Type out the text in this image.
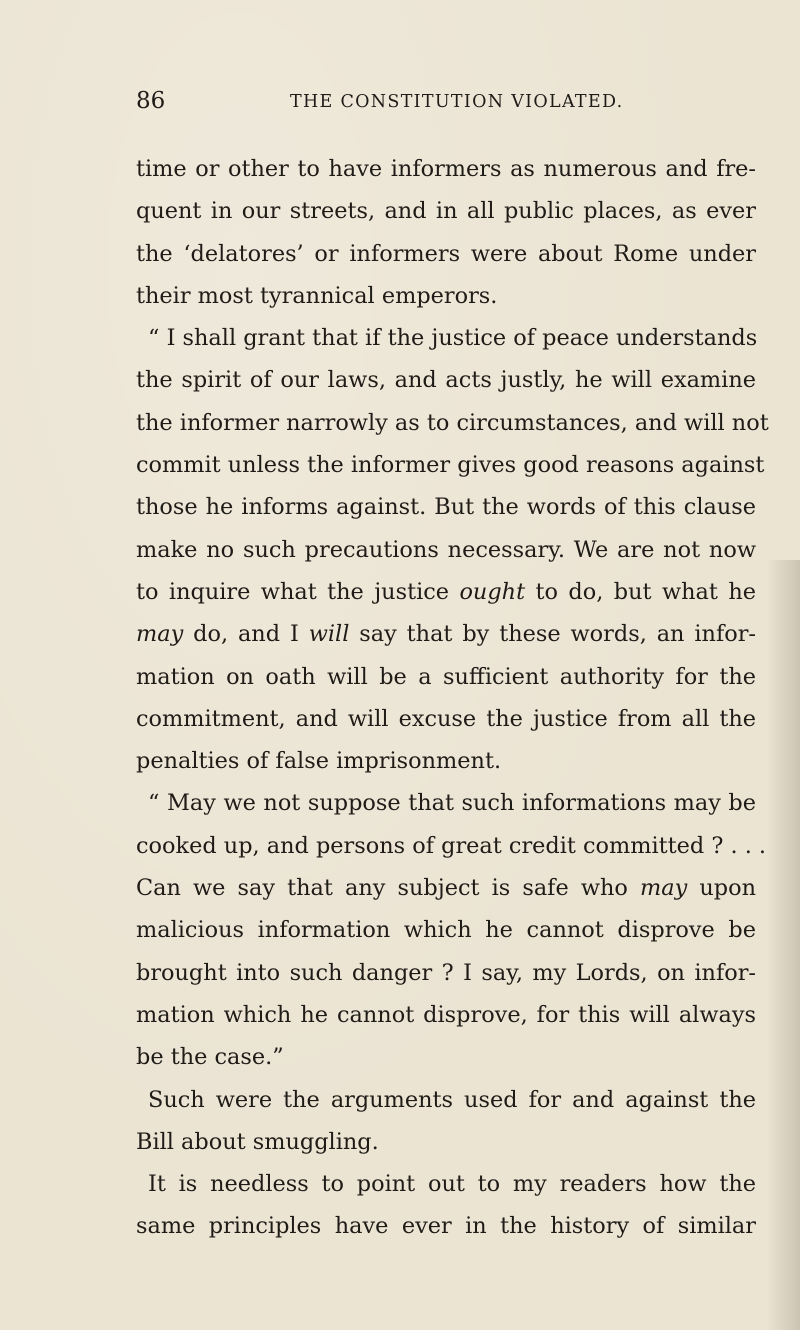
86	THE CONSTITUTION VIOLATED.
time or other to have informers as numerous and fre-
quent in our streets, and in all public places, as ever
the ‘delatores’ or informers were about Rome under
their most tyrannical emperors.
“ I shall grant that if the justice of peace understands
the spirit of our laws, and acts justly, he will examine
the informer narrowly as to circumstances, and will not
commit unless the informer gives good reasons against
those he informs against. But the words of this clause
make no such precautions necessary. We are not now
to inquire what the justice ought to do, but what he
may do, and I will say that by these words, an infor-
mation on oath will be a sufficient authority for the
commitment, and will excuse the justice from all the
penalties of false imprisonment.
“ May we not suppose that such informations may be
cooked up, and persons of great credit committed ? . . .
Can we say that any subject is safe who may upon
malicious information which he cannot disprove be
brought into such danger ? I say, my Lords, on infor-
mation which he cannot disprove, for this will always
be the case.”
Such were the arguments used for and against the
Bill about smuggling.
It is needless to point out to my readers how the
same principles have ever in the history of similar
